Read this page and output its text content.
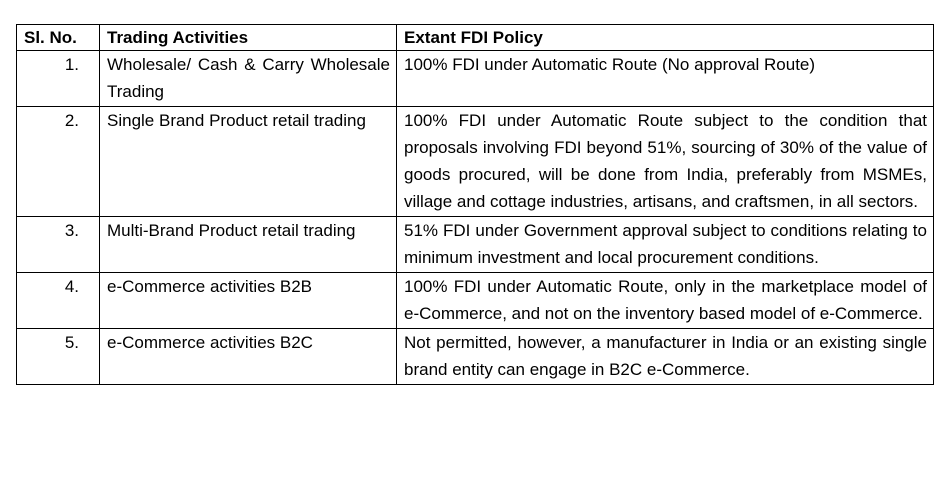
Sl. No.	Trading Activities	Extant FDI Policy
1.	Wholesale/ Cash & Carry Wholesale Trading	100% FDI under Automatic Route (No approval Route)
2.	Single Brand Product retail trading	100% FDI under Automatic Route subject to the condition that proposals involving FDI beyond 51%, sourcing of 30% of the value of goods procured, will be done from India, preferably from MSMEs, village and cottage industries, artisans, and craftsmen, in all sectors.
3.	Multi-Brand Product retail trading	51% FDI under Government approval subject to conditions relating to minimum investment and local procurement conditions.
4.	e-Commerce activities B2B	100% FDI under Automatic Route, only in the marketplace model of e-Commerce, and not on the inventory based model of e-Commerce.
5.	e-Commerce activities B2C	Not permitted, however, a manufacturer in India or an existing single brand entity can engage in B2C e-Commerce.
